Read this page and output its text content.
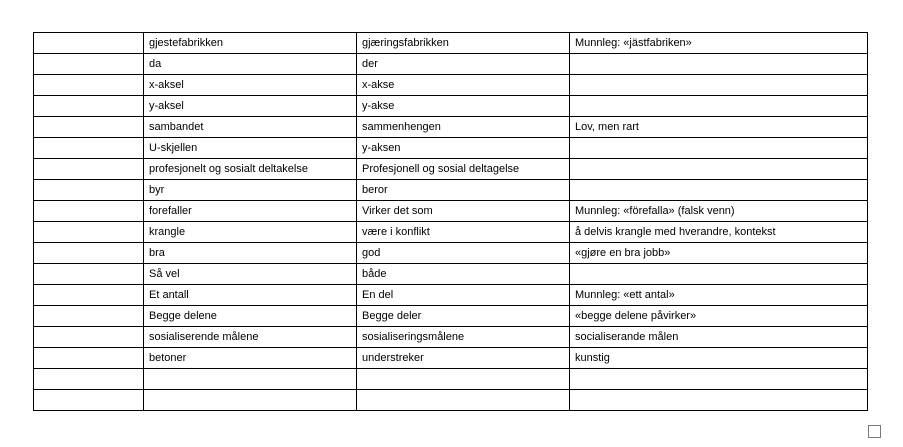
	gjestefabrikken	gjæringsfabrikken	Munnleg: «jästfabriken»
	da	der	
	x-aksel	x-akse	
	y-aksel	y-akse	
	sambandet	sammenhengen	Lov, men rart
	U-skjellen	y-aksen	
	profesjonelt og sosialt deltakelse	Profesjonell og sosial deltagelse	
	byr	beror	
	forefaller	Virker det som	Munnleg: «förefalla» (falsk venn)
	krangle	være i konflikt	å delvis krangle med hverandre, kontekst
	bra	god	«gjøre en bra jobb»
	Så vel	både	
	Et antall	En del	Munnleg: «ett antal»
	Begge delene	Begge deler	«begge delene påvirker»
	sosialiserende målene	sosialiseringsmålene	socialiserande målen
	betoner	understreker	kunstig
